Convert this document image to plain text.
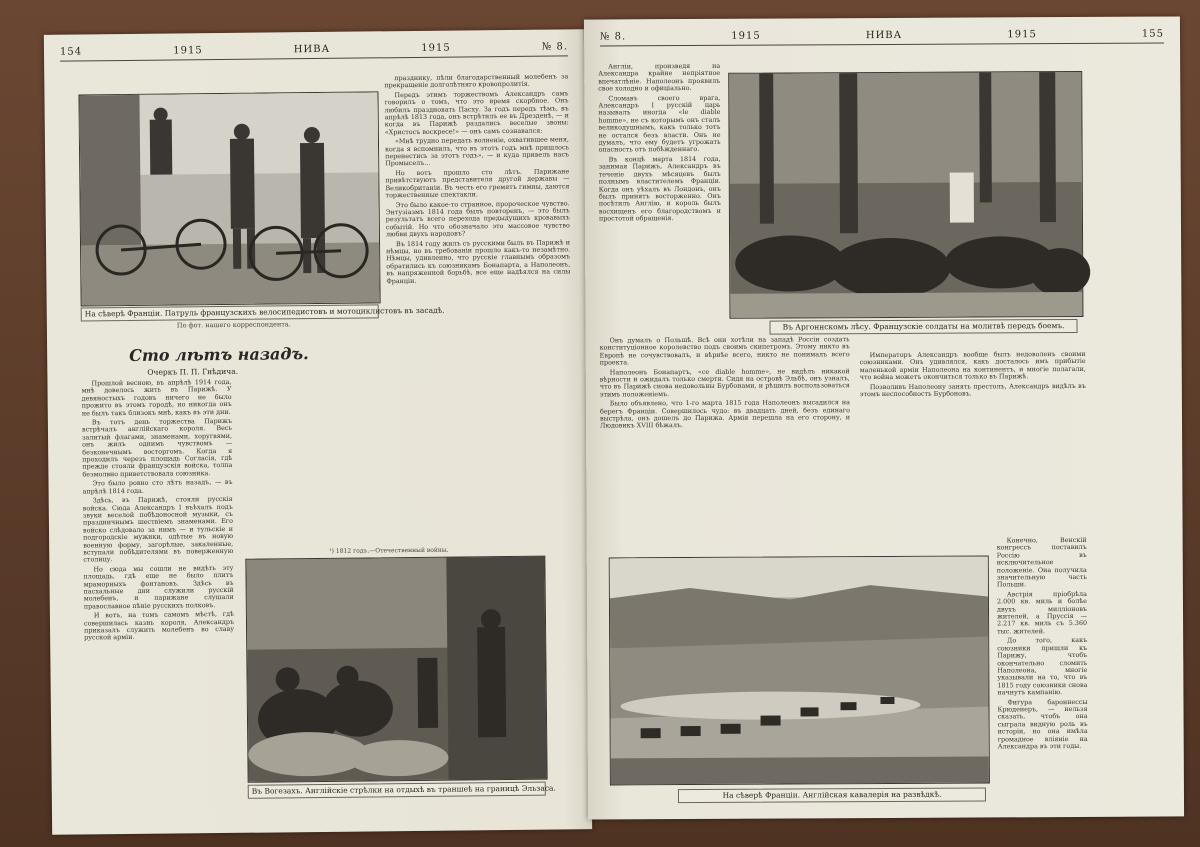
154	1915	НИВА	1915	№ 8.
На сѣверѣ Франціи. Патруль французскихъ велосипедистовъ и мотоциклистовъ въ засадѣ.
По фот. нашего корреспондента.

празднику, пѣли благодарственный молебенъ за прекращеніе долголѣтняго кровопролитія.

Передъ этимъ торжествомъ Александръ самъ говорилъ о томъ, что это время скорбное. Онъ любилъ праздновать Пасху. За годъ передъ тѣмъ, въ апрѣлѣ 1813 года, онъ встрѣтилъ ее въ Дрезденѣ, — и когда въ Парижѣ раздались веселые звоны: «Христосъ воскресе!» — онъ самъ сознавался:

«Мнѣ трудно передать волненіе, охватившее меня, когда я вспомнилъ, что въ этотъ годъ мнѣ пришлось перенестись за этотъ годъ», — и куда привелъ насъ Промыселъ…

Но вотъ прошло сто лѣтъ. Парижане привѣтствуютъ представителя другой державы — Великобританіи. Въ честь его гремятъ гимны, даются торжественные спектакли.

Это было какое-то странное, пророческое чувство. Энтузіазмъ 1814 года былъ повторенъ, — это былъ результатъ всего перехода предыдущихъ кровавыхъ событій. Но что обозначало это массовое чувство любви двухъ народовъ?

Въ 1814 году жилъ съ русскими былъ въ Парижѣ и нѣмцы, но въ требованіи прошло какъ-то незамѣтно. Нѣмцы, удивленно, что русскіе главнымъ образомъ обратились къ союзникамъ Бонапарта, а Наполеонъ, въ напряженной борьбѣ, все еще надѣялся на силы Франціи.

Сто лѣтъ назадъ.
Очеркъ П. П. Гнѣдича.

Прошлой весною, въ апрѣлѣ 1914 года, мнѣ довелось жить въ Парижѣ. У девяностыхъ годовъ ничего не было прожито въ этомъ городѣ, но никогда онъ не былъ такъ близокъ мнѣ, какъ въ эти дни.

Въ тотъ день торжества Парижъ встрѣчалъ англійскаго короля. Весь залитый флагами, знаменами, хоругвями, онъ жилъ однимъ чувствомъ — безконечнымъ восторгомъ. Когда я проходилъ черезъ площадь Согласія, гдѣ прежде стояли французскія войска, толпа безмолвно приветствовала союзника.

Это было ровно сто лѣтъ назадъ, — въ апрѣлѣ 1814 года.

Здѣсь, въ Парижѣ, стояли русскія войска. Сюда Александръ I въѣхалъ подъ звуки веселой побѣдоносной музыки, съ праздничнымъ шествіемъ знаменами. Его войско слѣдовало за нимъ — и тульскіе и подгородскіе мужики, одѣтые въ новую военную форму, загорѣлые, закаленные, вступали побѣдителями въ поверженную столицу.

Но сюда мы сошли не видѣть эту площадь, гдѣ еще не было плитъ мраморныхъ фонтановъ. Здѣсь въ пасхальные дни служили русскій молебенъ, и парижане слушали православное пѣніе русскихъ полковъ.

И вотъ, на томъ самомъ мѣстѣ, гдѣ совершилась казнь короля, Александръ приказалъ служить молебенъ во славу русской арміи.

¹) 1812 годъ.—Отечественный войны.
Въ Вогезахъ. Англійскіе стрѣлки на отдыхѣ въ траншеѣ на границѣ Эльзаса.
№ 8.	1915	НИВА	1915	155

Англіи, произведя на Александра крайне непріятное впечатлѣніе. Наполеонъ проявилъ свое холодно и офиціально.

Сломавъ своего врага, Александръ I русскій царь называлъ иногда «le diable homme», не съ которымъ онъ сталъ великодушнымъ, какъ только тотъ не остался безъ власти. Онъ не думалъ, что ему будетъ угрожать опасность отъ побѣжденнаго.

Въ концѣ марта 1814 года, занимая Парижъ, Александръ въ теченіе двухъ мѣсяцевъ былъ полнымъ властителемъ Франціи. Когда онъ уѣхалъ въ Лондонъ, онъ былъ принятъ восторженно. Онъ посѣтилъ Англію, и король былъ восхищенъ его благородствомъ и простотой обращенія.

Въ Аргоннскомъ лѣсу. Французскіе солдаты на молитвѣ передъ боемъ.

Онъ думалъ о Польшѣ. Всѣ они хотѣли на западѣ Россіи создать конституціонное королевство подъ своимъ скипетромъ. Этому никто въ Европѣ не сочувствовалъ, и вѣрнѣе всего, никто не понималъ всего проекта.

Наполеонъ Бонапартъ, «се diable homme», не видѣлъ никакой вѣрности и ожидалъ только смерти. Сидя на островѣ Эльбѣ, онъ узналъ, что въ Парижѣ снова недовольны Бурбонами, и рѣшилъ воспользоваться этимъ положеніемъ.

Было объявлено, что 1-го марта 1815 года Наполеонъ высадился на берегъ Франціи. Совершилось чудо: въ двадцать дней, безъ единаго выстрѣла, онъ дошелъ до Парижа. Армія перешла на его сторону, и Людовикъ XVIII бѣжалъ.

Императоръ Александръ вообще былъ недоволенъ своими союзниками. Онъ удивлялся, какъ досталось имъ прибытіе маленькой арміи Наполеона на континентъ, и многіе полагали, что война можетъ окончиться только въ Парижѣ.

Позволивъ Наполеону занять престолъ, Александръ видѣлъ въ этомъ неспособность Бурбоновъ.

Конечно, Венскій конгрессъ поставилъ Россію въ исключительное положеніе. Она получила значительную часть Польши.

Австрія пріобрѣла 2.000 кв. миль и болѣе двухъ милліоновъ жителей, а Пруссія — 2.217 кв. миль съ 5.360 тыс. жителей.

До того, какъ союзники пришли къ Парижу, чтобъ окончательно сломить Наполеона, многіе указывали на то, что въ 1815 году союзники снова начнутъ кампанію.

Фигура бароннессы Крюденеръ, — нельзя сказать, чтобъ она сыграла видную роль въ исторіи, но она имѣла громадное вліяніе на Александра въ эти годы.

На сѣверѣ Франціи. Англійская кавалерія на развѣдкѣ.
